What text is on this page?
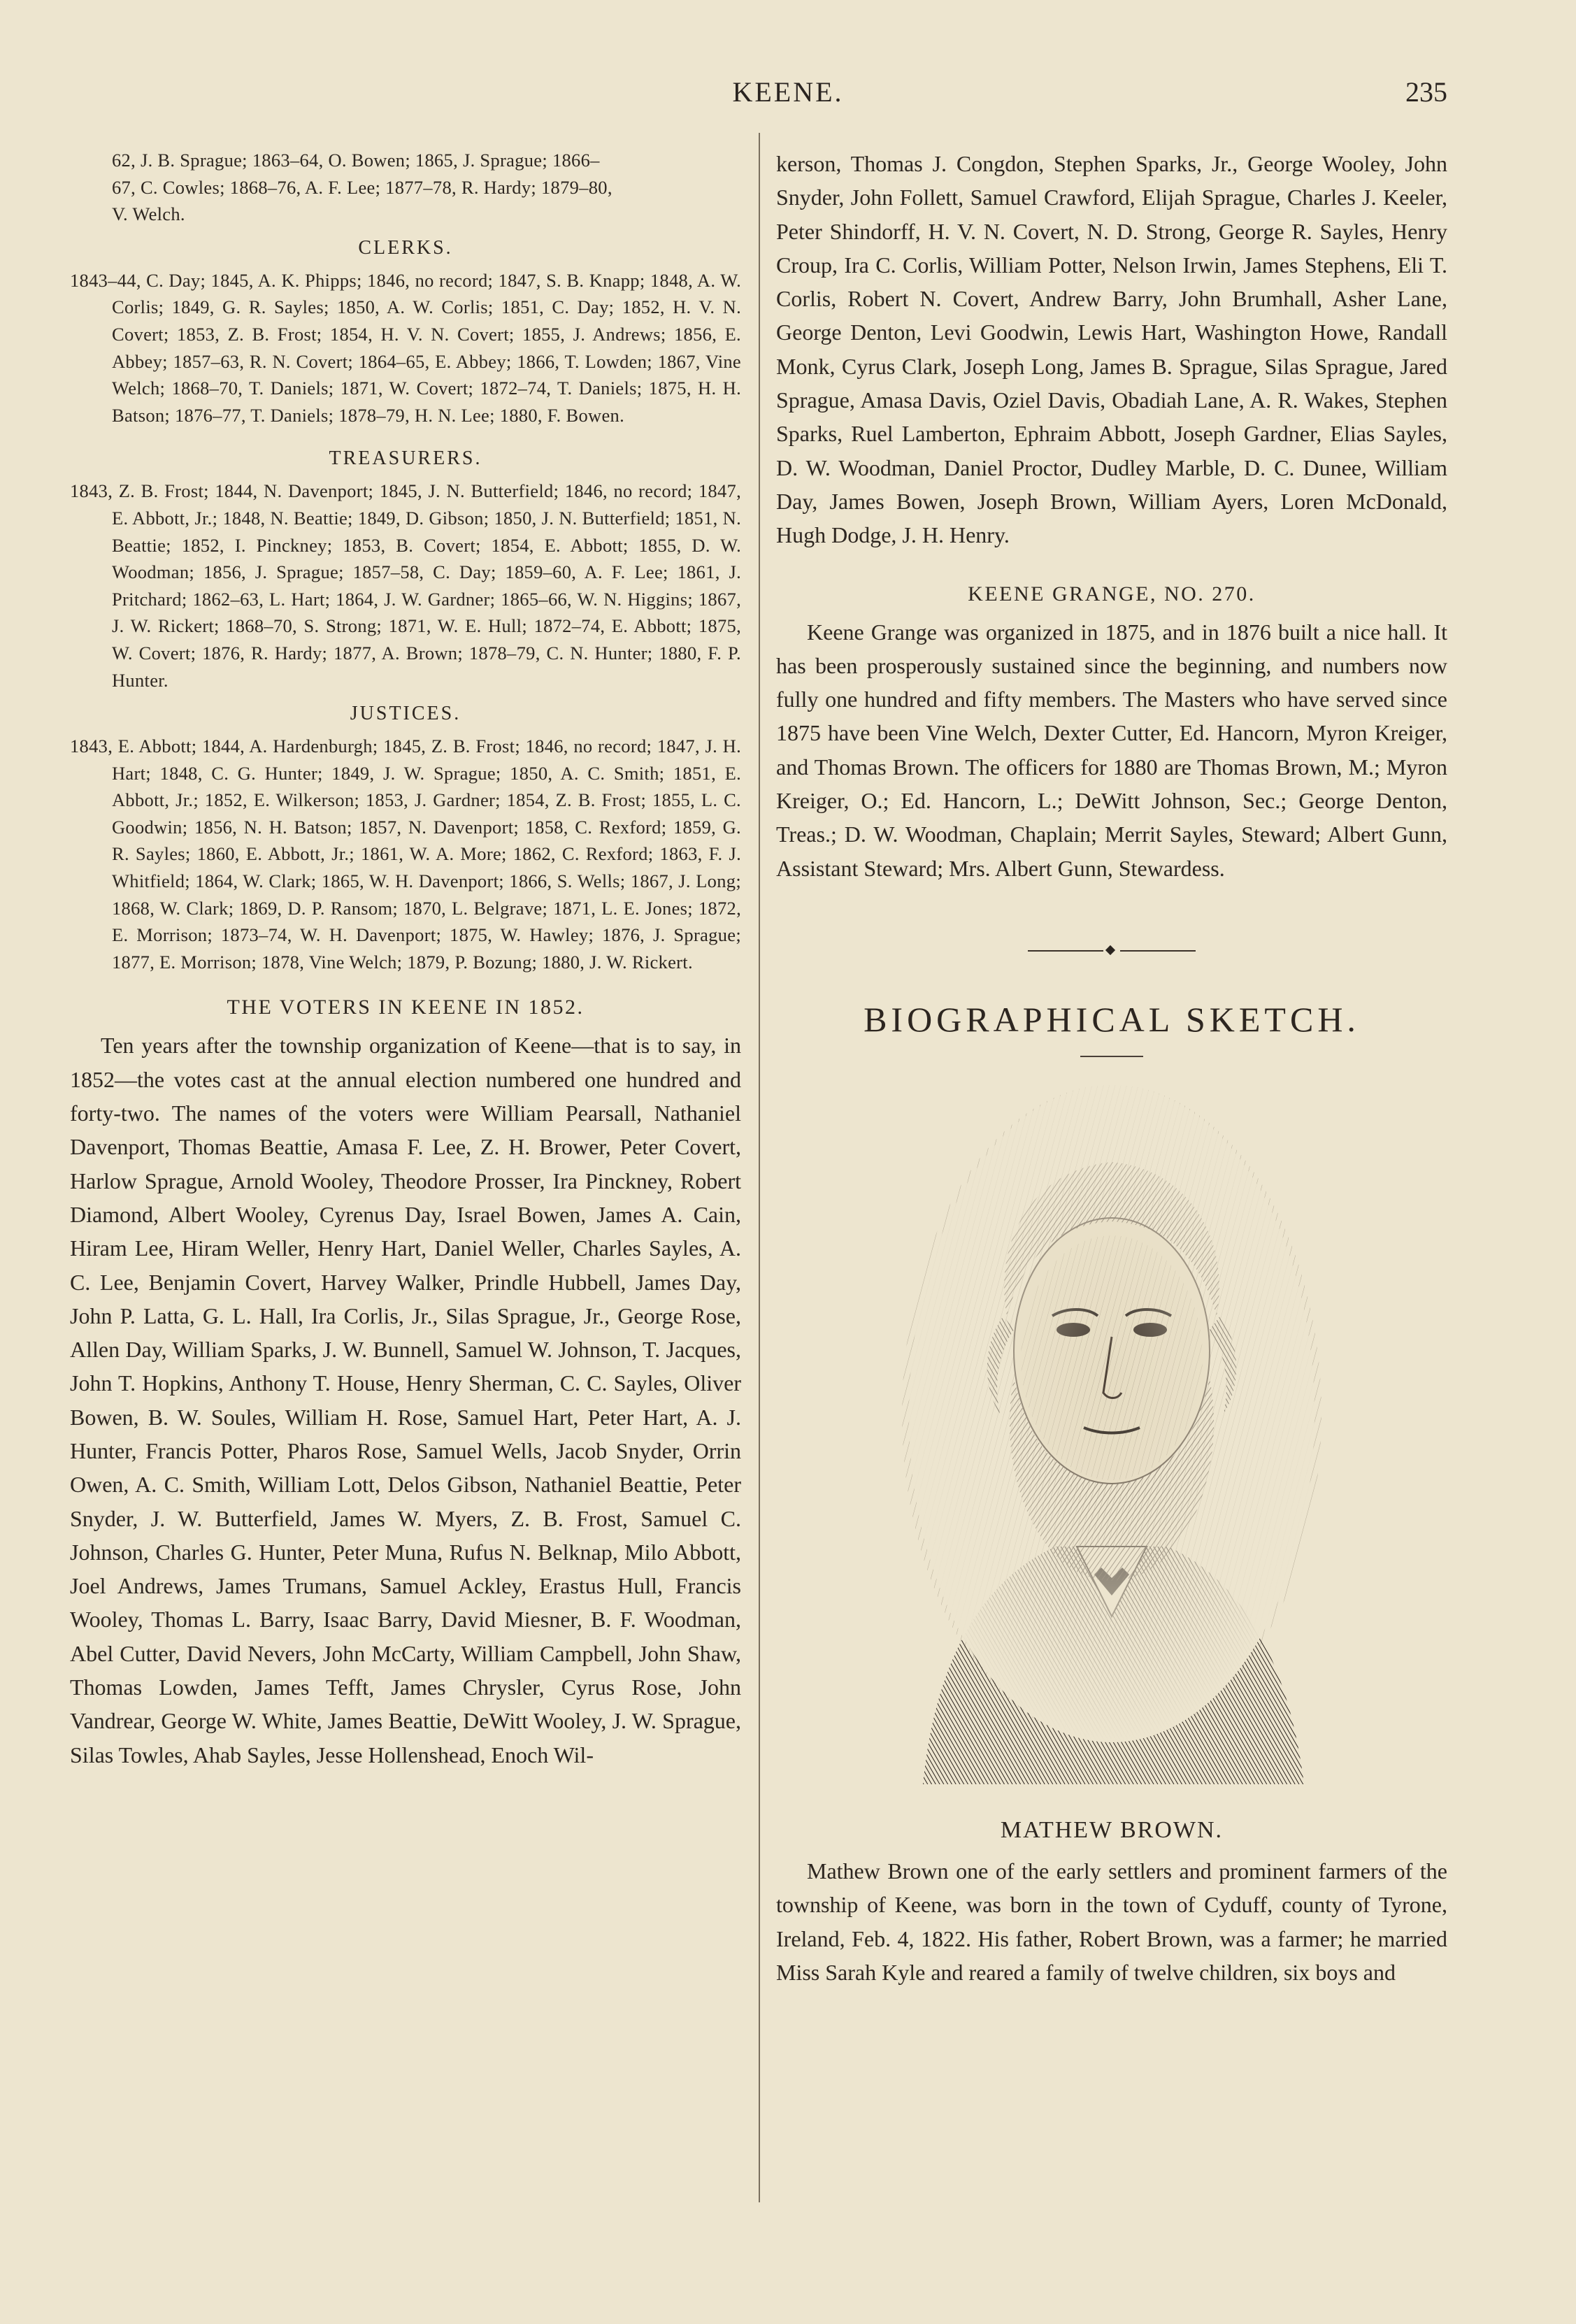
KEENE.	235

62, J. B. Sprague; 1863–64, O. Bowen; 1865, J. Sprague; 1866–

67, C. Cowles; 1868–76, A. F. Lee; 1877–78, R. Hardy; 1879–80,

V. Welch.

CLERKS.

1843–44, C. Day; 1845, A. K. Phipps; 1846, no record; 1847, S. B. Knapp; 1848, A. W. Corlis; 1849, G. R. Sayles; 1850, A. W. Corlis; 1851, C. Day; 1852, H. V. N. Covert; 1853, Z. B. Frost; 1854, H. V. N. Covert; 1855, J. Andrews; 1856, E. Abbey; 1857–63, R. N. Covert; 1864–65, E. Abbey; 1866, T. Lowden; 1867, Vine Welch; 1868–70, T. Daniels; 1871, W. Covert; 1872–74, T. Daniels; 1875, H. H. Batson; 1876–77, T. Daniels; 1878–79, H. N. Lee; 1880, F. Bowen.

TREASURERS.

1843, Z. B. Frost; 1844, N. Davenport; 1845, J. N. Butterfield; 1846, no record; 1847, E. Abbott, Jr.; 1848, N. Beattie; 1849, D. Gibson; 1850, J. N. Butterfield; 1851, N. Beattie; 1852, I. Pinckney; 1853, B. Covert; 1854, E. Abbott; 1855, D. W. Woodman; 1856, J. Sprague; 1857–58, C. Day; 1859–60, A. F. Lee; 1861, J. Pritchard; 1862–63, L. Hart; 1864, J. W. Gardner; 1865–66, W. N. Higgins; 1867, J. W. Rickert; 1868–70, S. Strong; 1871, W. E. Hull; 1872–74, E. Abbott; 1875, W. Covert; 1876, R. Hardy; 1877, A. Brown; 1878–79, C. N. Hunter; 1880, F. P. Hunter.

JUSTICES.

1843, E. Abbott; 1844, A. Hardenburgh; 1845, Z. B. Frost; 1846, no record; 1847, J. H. Hart; 1848, C. G. Hunter; 1849, J. W. Sprague; 1850, A. C. Smith; 1851, E. Abbott, Jr.; 1852, E. Wilkerson; 1853, J. Gardner; 1854, Z. B. Frost; 1855, L. C. Goodwin; 1856, N. H. Batson; 1857, N. Davenport; 1858, C. Rexford; 1859, G. R. Sayles; 1860, E. Abbott, Jr.; 1861, W. A. More; 1862, C. Rexford; 1863, F. J. Whitfield; 1864, W. Clark; 1865, W. H. Davenport; 1866, S. Wells; 1867, J. Long; 1868, W. Clark; 1869, D. P. Ransom; 1870, L. Belgrave; 1871, L. E. Jones; 1872, E. Morrison; 1873–74, W. H. Davenport; 1875, W. Hawley; 1876, J. Sprague; 1877, E. Morrison; 1878, Vine Welch; 1879, P. Bozung; 1880, J. W. Rickert.

THE VOTERS IN KEENE IN 1852.

Ten years after the township organization of Keene—that is to say, in 1852—the votes cast at the annual election numbered one hundred and forty-two. The names of the voters were William Pearsall, Nathaniel Davenport, Thomas Beattie, Amasa F. Lee, Z. H. Brower, Peter Covert, Harlow Sprague, Arnold Wooley, Theodore Prosser, Ira Pinckney, Robert Diamond, Albert Wooley, Cyrenus Day, Israel Bowen, James A. Cain, Hiram Lee, Hiram Weller, Henry Hart, Daniel Weller, Charles Sayles, A. C. Lee, Benjamin Covert, Harvey Walker, Prindle Hubbell, James Day, John P. Latta, G. L. Hall, Ira Corlis, Jr., Silas Sprague, Jr., George Rose, Allen Day, William Sparks, J. W. Bunnell, Samuel W. Johnson, T. Jacques, John T. Hopkins, Anthony T. House, Henry Sherman, C. C. Sayles, Oliver Bowen, B. W. Soules, William H. Rose, Samuel Hart, Peter Hart, A. J. Hunter, Francis Potter, Pharos Rose, Samuel Wells, Jacob Snyder, Orrin Owen, A. C. Smith, William Lott, Delos Gibson, Nathaniel Beattie, Peter Snyder, J. W. Butterfield, James W. Myers, Z. B. Frost, Samuel C. Johnson, Charles G. Hunter, Peter Muna, Rufus N. Belknap, Milo Abbott, Joel Andrews, James Trumans, Samuel Ackley, Erastus Hull, Francis Wooley, Thomas L. Barry, Isaac Barry, David Miesner, B. F. Woodman, Abel Cutter, David Nevers, John McCarty, William Campbell, John Shaw, Thomas Lowden, James Tefft, James Chrysler, Cyrus Rose, John Vandrear, George W. White, James Beattie, DeWitt Wooley, J. W. Sprague, Silas Towles, Ahab Sayles, Jesse Hollenshead, Enoch Wil-

kerson, Thomas J. Congdon, Stephen Sparks, Jr., George Wooley, John Snyder, John Follett, Samuel Crawford, Elijah Sprague, Charles J. Keeler, Peter Shindorff, H. V. N. Covert, N. D. Strong, George R. Sayles, Henry Croup, Ira C. Corlis, William Potter, Nelson Irwin, James Stephens, Eli T. Corlis, Robert N. Covert, Andrew Barry, John Brumhall, Asher Lane, George Denton, Levi Goodwin, Lewis Hart, Washington Howe, Randall Monk, Cyrus Clark, Joseph Long, James B. Sprague, Silas Sprague, Jared Sprague, Amasa Davis, Oziel Davis, Obadiah Lane, A. R. Wakes, Stephen Sparks, Ruel Lamberton, Ephraim Abbott, Joseph Gardner, Elias Sayles, D. W. Woodman, Daniel Proctor, Dudley Marble, D. C. Dunee, William Day, James Bowen, Joseph Brown, William Ayers, Loren McDonald, Hugh Dodge, J. H. Henry.

KEENE GRANGE, NO. 270.

Keene Grange was organized in 1875, and in 1876 built a nice hall. It has been prosperously sustained since the beginning, and numbers now fully one hundred and fifty members. The Masters who have served since 1875 have been Vine Welch, Dexter Cutter, Ed. Hancorn, Myron Kreiger, and Thomas Brown. The officers for 1880 are Thomas Brown, M.; Myron Kreiger, O.; Ed. Hancorn, L.; DeWitt Johnson, Sec.; George Denton, Treas.; D. W. Woodman, Chaplain; Merrit Sayles, Steward; Albert Gunn, Assistant Steward; Mrs. Albert Gunn, Stewardess.

BIOGRAPHICAL SKETCH.
MATHEW BROWN.

Mathew Brown one of the early settlers and prominent farmers of the township of Keene, was born in the town of Cyduff, county of Tyrone, Ireland, Feb. 4, 1822. His father, Robert Brown, was a farmer; he married Miss Sarah Kyle and reared a family of twelve children, six boys and
